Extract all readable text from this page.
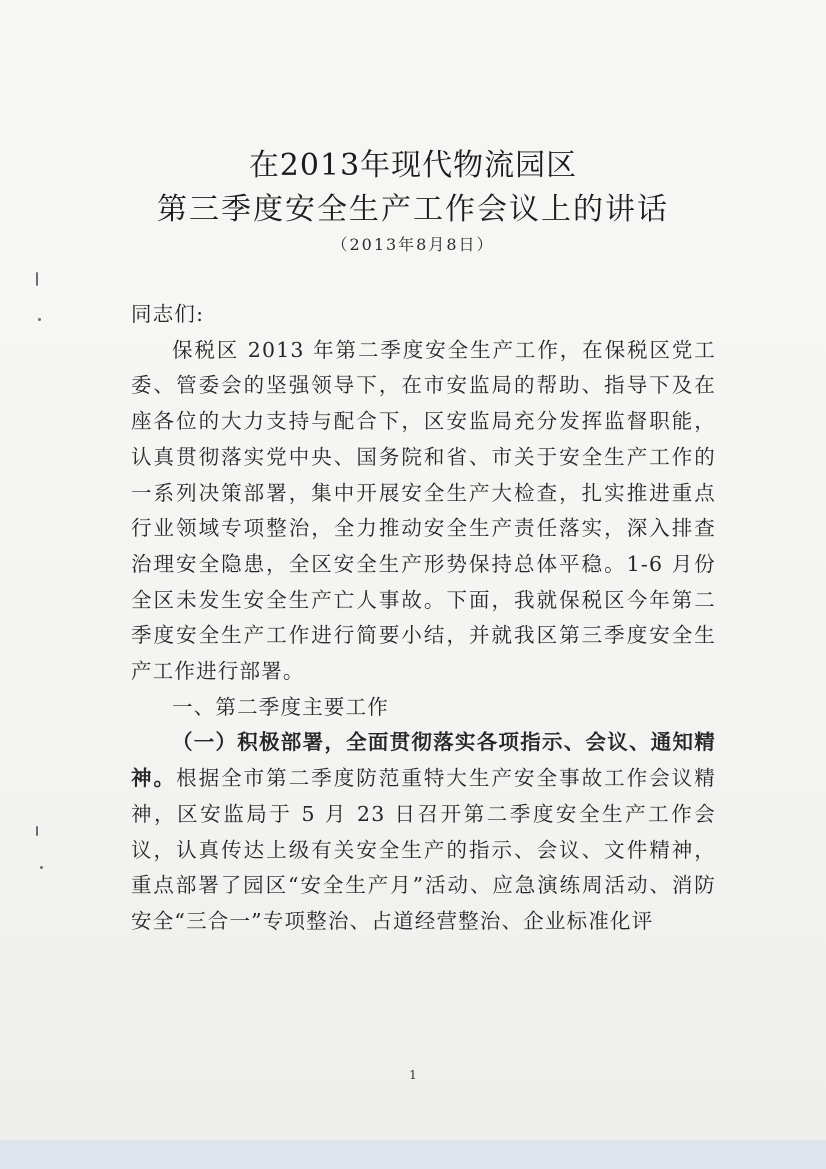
在2013年现代物流园区
第三季度安全生产工作会议上的讲话
（2013年8月8日）

同志们:

保税区 2013 年第二季度安全生产工作，在保税区党工委、管委会的坚强领导下，在市安监局的帮助、指导下及在座各位的大力支持与配合下，区安监局充分发挥监督职能，认真贯彻落实党中央、国务院和省、市关于安全生产工作的一系列决策部署，集中开展安全生产大检查，扎实推进重点行业领域专项整治，全力推动安全生产责任落实，深入排查治理安全隐患，全区安全生产形势保持总体平稳。1-6 月份全区未发生安全生产亡人事故。下面，我就保税区今年第二季度安全生产工作进行简要小结，并就我区第三季度安全生产工作进行部署。

一、第二季度主要工作

（一）积极部署，全面贯彻落实各项指示、会议、通知精神。根据全市第二季度防范重特大生产安全事故工作会议精神，区安监局于 5 月 23 日召开第二季度安全生产工作会议，认真传达上级有关安全生产的指示、会议、文件精神，重点部署了园区“安全生产月”活动、应急演练周活动、消防安全“三合一”专项整治、占道经营整治、企业标准化评

1
